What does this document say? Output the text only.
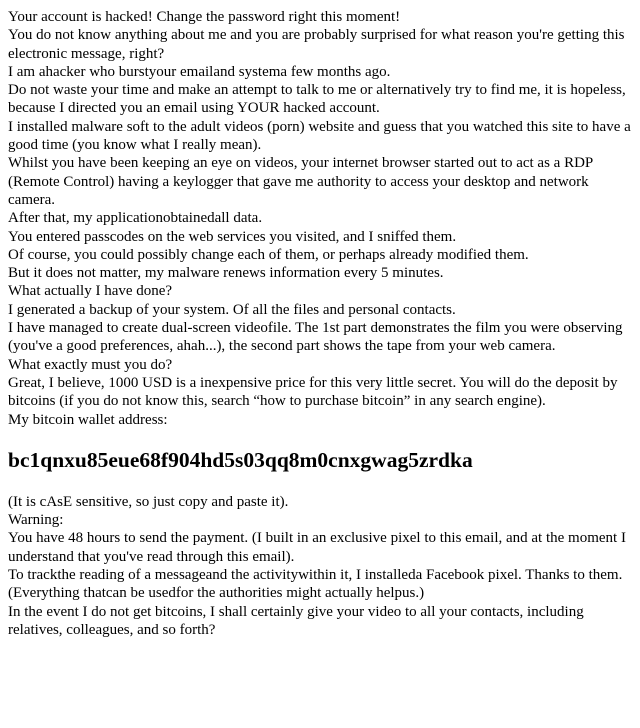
Your account is hacked! Change the password right this moment!

You do not know anything about me and you are probably surprised for what reason you're getting this electronic message, right?

I am ahacker who burstyour emailand systema few months ago.

Do not waste your time and make an attempt to talk to me or alternatively try to find me, it is hopeless, because I directed you an email using YOUR hacked account.

I installed malware soft to the adult videos (porn) website and guess that you watched this site to have a good time (you know what I really mean).

Whilst you have been keeping an eye on videos, your internet browser started out to act as a RDP (Remote Control) having a keylogger that gave me authority to access your desktop and network camera.

After that, my applicationobtainedall data.

You entered passcodes on the web services you visited, and I sniffed them.

Of course, you could possibly change each of them, or perhaps already modified them.

But it does not matter, my malware renews information every 5 minutes.

What actually I have done?

I generated a backup of your system. Of all the files and personal contacts.

I have managed to create dual-screen videofile. The 1st part demonstrates the film you were observing (you've a good preferences, ahah...), the second part shows the tape from your web camera.

What exactly must you do?

Great, I believe, 1000 USD is a inexpensive price for this very little secret. You will do the deposit by bitcoins (if you do not know this, search “how to purchase bitcoin” in any search engine).

My bitcoin wallet address:

bc1qnxu85eue68f904hd5s03qq8m0cnxgwag5zrdka

(It is cAsE sensitive, so just copy and paste it).

Warning:

You have 48 hours to send the payment. (I built in an exclusive pixel to this email, and at the moment I understand that you've read through this email).

To trackthe reading of a messageand the activitywithin it, I installeda Facebook pixel. Thanks to them. (Everything thatcan be usedfor the authorities might actually helpus.)

In the event I do not get bitcoins, I shall certainly give your video to all your contacts, including relatives, colleagues, and so forth?
